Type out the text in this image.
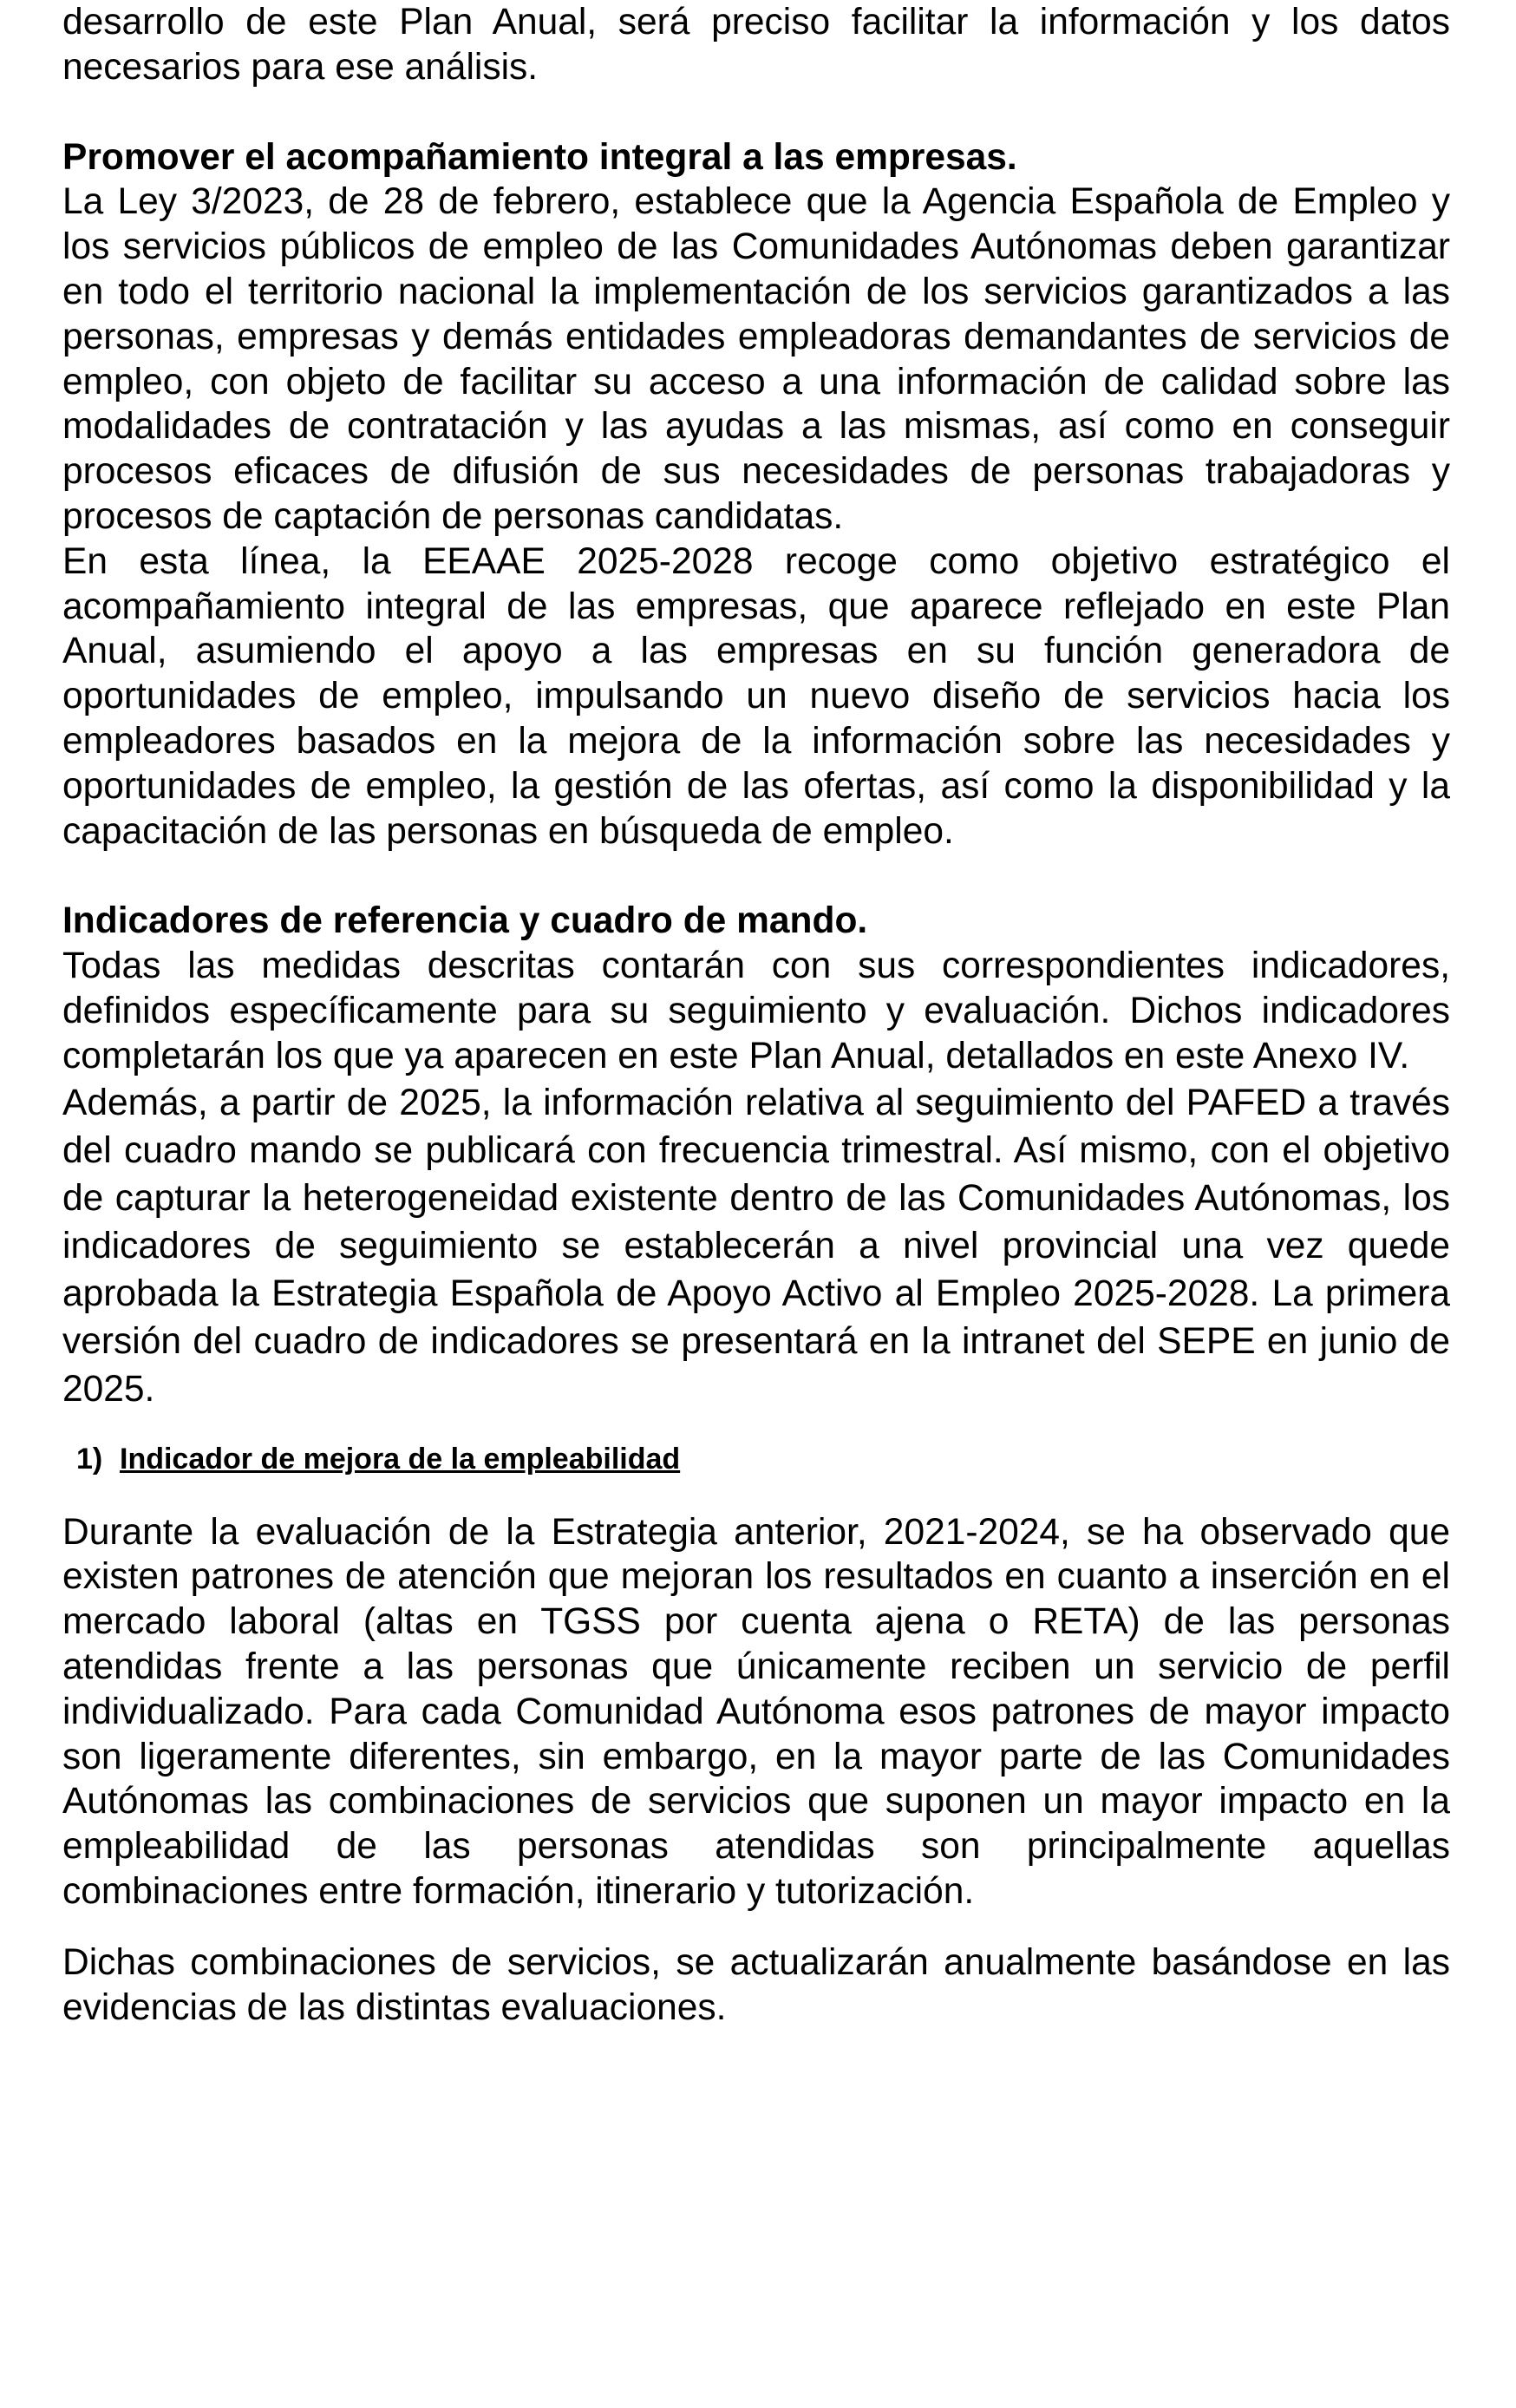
desarrollo de este Plan Anual, será preciso facilitar la información y los datos necesarios para ese análisis.

Promover el acompañamiento integral a las empresas.

La Ley 3/2023, de 28 de febrero, establece que la Agencia Española de Empleo y los servicios públicos de empleo de las Comunidades Autónomas deben garantizar en todo el territorio nacional la implementación de los servicios garantizados a las personas, empresas y demás entidades empleadoras demandantes de servicios de empleo, con objeto de facilitar su acceso a una información de calidad sobre las modalidades de contratación y las ayudas a las mismas, así como en conseguir procesos eficaces de difusión de sus necesidades de personas trabajadoras y procesos de captación de personas candidatas.

En esta línea, la EEAAE 2025-2028 recoge como objetivo estratégico el acompañamiento integral de las empresas, que aparece reflejado en este Plan Anual, asumiendo el apoyo a las empresas en su función generadora de oportunidades de empleo, impulsando un nuevo diseño de servicios hacia los empleadores basados en la mejora de la información sobre las necesidades y oportunidades de empleo, la gestión de las ofertas, así como la disponibilidad y la capacitación de las personas en búsqueda de empleo.

Indicadores de referencia y cuadro de mando.

Todas las medidas descritas contarán con sus correspondientes indicadores, definidos específicamente para su seguimiento y evaluación. Dichos indicadores completarán los que ya aparecen en este Plan Anual, detallados en este Anexo IV.

Además, a partir de 2025, la información relativa al seguimiento del PAFED a través del cuadro mando se publicará con frecuencia trimestral. Así mismo, con el objetivo de capturar la heterogeneidad existente dentro de las Comunidades Autónomas, los indicadores de seguimiento se establecerán a nivel provincial una vez quede aprobada la Estrategia Española de Apoyo Activo al Empleo 2025-2028. La primera versión del cuadro de indicadores se presentará en la intranet del SEPE en junio de 2025.

1) Indicador de mejora de la empleabilidad

Durante la evaluación de la Estrategia anterior, 2021-2024, se ha observado que existen patrones de atención que mejoran los resultados en cuanto a inserción en el mercado laboral (altas en TGSS por cuenta ajena o RETA) de las personas atendidas frente a las personas que únicamente reciben un servicio de perfil individualizado. Para cada Comunidad Autónoma esos patrones de mayor impacto son ligeramente diferentes, sin embargo, en la mayor parte de las Comunidades Autónomas las combinaciones de servicios que suponen un mayor impacto en la empleabilidad de las personas atendidas son principalmente aquellas combinaciones entre formación, itinerario y tutorización.

Dichas combinaciones de servicios, se actualizarán anualmente basándose en las evidencias de las distintas evaluaciones.
